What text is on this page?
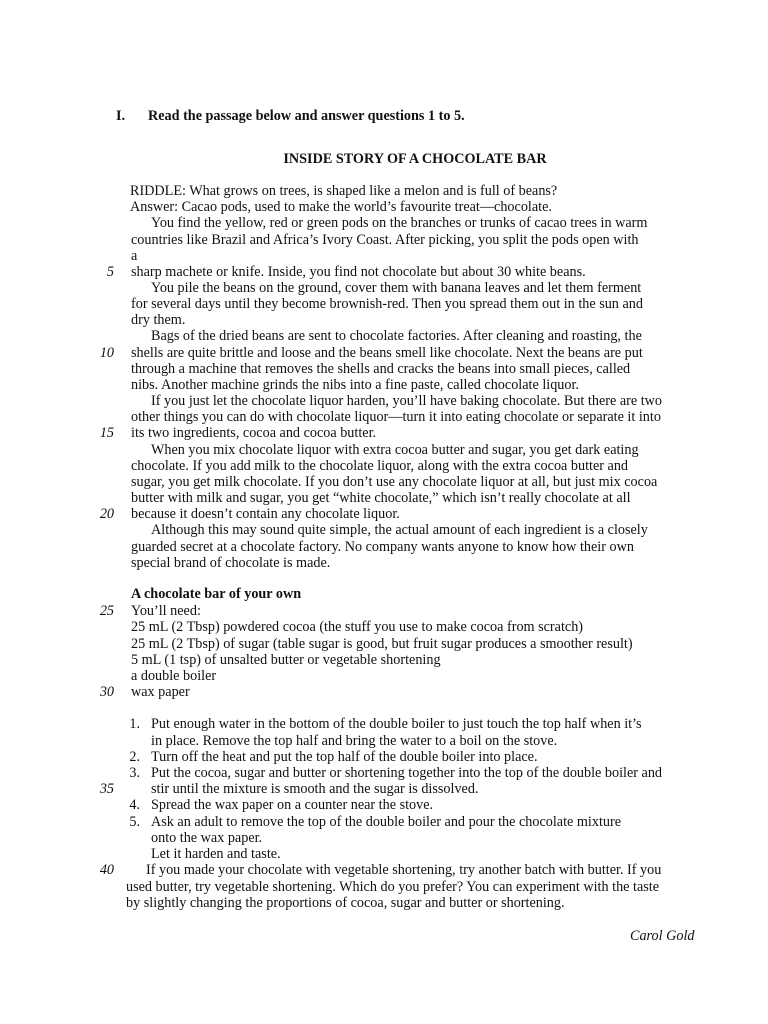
I. Read the passage below and answer questions 1 to 5.
INSIDE STORY OF A CHOCOLATE BAR
RIDDLE: What grows on trees, is shaped like a melon and is full of beans?
Answer: Cacao pods, used to make the world’s favourite treat—chocolate.
You find the yellow, red or green pods on the branches or trunks of cacao trees in warm
countries like Brazil and Africa’s Ivory Coast. After picking, you split the pods open with
a
sharp machete or knife. Inside, you find not chocolate but about 30 white beans.
You pile the beans on the ground, cover them with banana leaves and let them ferment
for several days until they become brownish-red. Then you spread them out in the sun and
dry them.
Bags of the dried beans are sent to chocolate factories. After cleaning and roasting, the
shells are quite brittle and loose and the beans smell like chocolate. Next the beans are put
through a machine that removes the shells and cracks the beans into small pieces, called
nibs. Another machine grinds the nibs into a fine paste, called chocolate liquor.
If you just let the chocolate liquor harden, you’ll have baking chocolate. But there are two
other things you can do with chocolate liquor—turn it into eating chocolate or separate it into
its two ingredients, cocoa and cocoa butter.
When you mix chocolate liquor with extra cocoa butter and sugar, you get dark eating
chocolate. If you add milk to the chocolate liquor, along with the extra cocoa butter and
sugar, you get milk chocolate. If you don’t use any chocolate liquor at all, but just mix cocoa
butter with milk and sugar, you get “white chocolate,” which isn’t really chocolate at all
because it doesn’t contain any chocolate liquor.
Although this may sound quite simple, the actual amount of each ingredient is a closely
guarded secret at a chocolate factory. No company wants anyone to know how their own
special brand of chocolate is made.
A chocolate bar of your own
You’ll need:
25 mL (2 Tbsp) powdered cocoa (the stuff you use to make cocoa from scratch)
25 mL (2 Tbsp) of sugar (table sugar is good, but fruit sugar produces a smoother result)
5 mL (1 tsp) of unsalted butter or vegetable shortening
a double boiler
wax paper
1. Put enough water in the bottom of the double boiler to just touch the top half when it’s
in place. Remove the top half and bring the water to a boil on the stove.
2. Turn off the heat and put the top half of the double boiler into place.
3. Put the cocoa, sugar and butter or shortening together into the top of the double boiler and
stir until the mixture is smooth and the sugar is dissolved.
4. Spread the wax paper on a counter near the stove.
5. Ask an adult to remove the top of the double boiler and pour the chocolate mixture
onto the wax paper.
Let it harden and taste.
If you made your chocolate with vegetable shortening, try another batch with butter. If you
used butter, try vegetable shortening. Which do you prefer? You can experiment with the taste
by slightly changing the proportions of cocoa, sugar and butter or shortening.
5
10
15
20
25
30
35
40
Carol Gold
